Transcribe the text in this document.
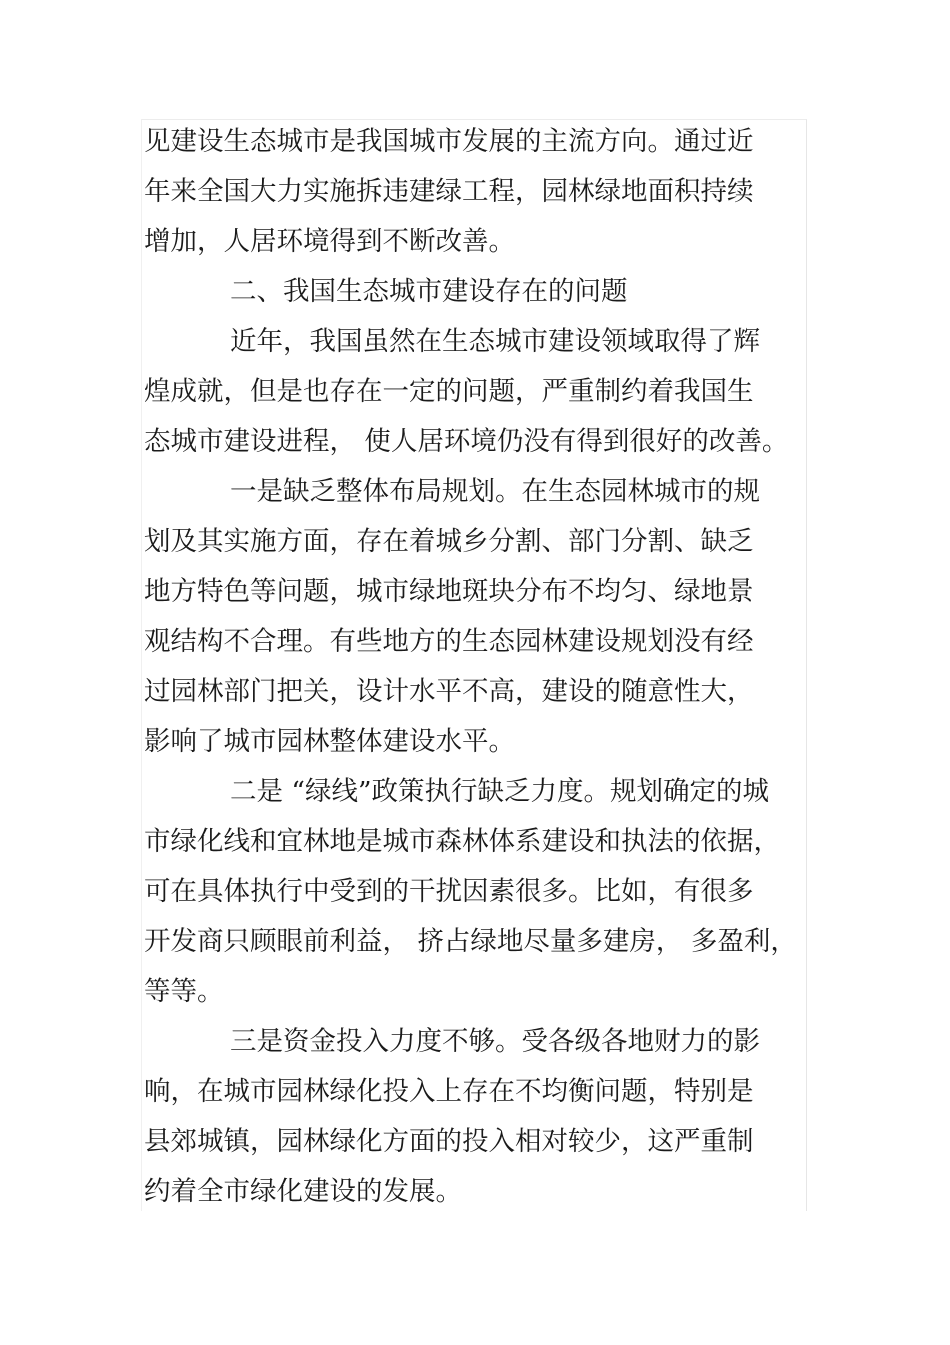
见建设生态城市是我国城市发展的主流方向。通过近
年来全国大力实施拆违建绿工程，园林绿地面积持续
增加，人居环境得到不断改善。
二、我国生态城市建设存在的问题
近年，我国虽然在生态城市建设领域取得了辉
煌成就，但是也存在一定的问题，严重制约着我国生
态城市建设进程， 使人居环境仍没有得到很好的改善。
一是缺乏整体布局规划。在生态园林城市的规
划及其实施方面，存在着城乡分割、部门分割、缺乏
地方特色等问题，城市绿地斑块分布不均匀、绿地景
观结构不合理。有些地方的生态园林建设规划没有经
过园林部门把关，设计水平不高，建设的随意性大，
影响了城市园林整体建设水平。
二是 “绿线”政策执行缺乏力度。规划确定的城
市绿化线和宜林地是城市森林体系建设和执法的依据，
可在具体执行中受到的干扰因素很多。比如，有很多
开发商只顾眼前利益， 挤占绿地尽量多建房， 多盈利，
等等。
三是资金投入力度不够。受各级各地财力的影
响，在城市园林绿化投入上存在不均衡问题，特别是
县郊城镇，园林绿化方面的投入相对较少，这严重制
约着全市绿化建设的发展。
